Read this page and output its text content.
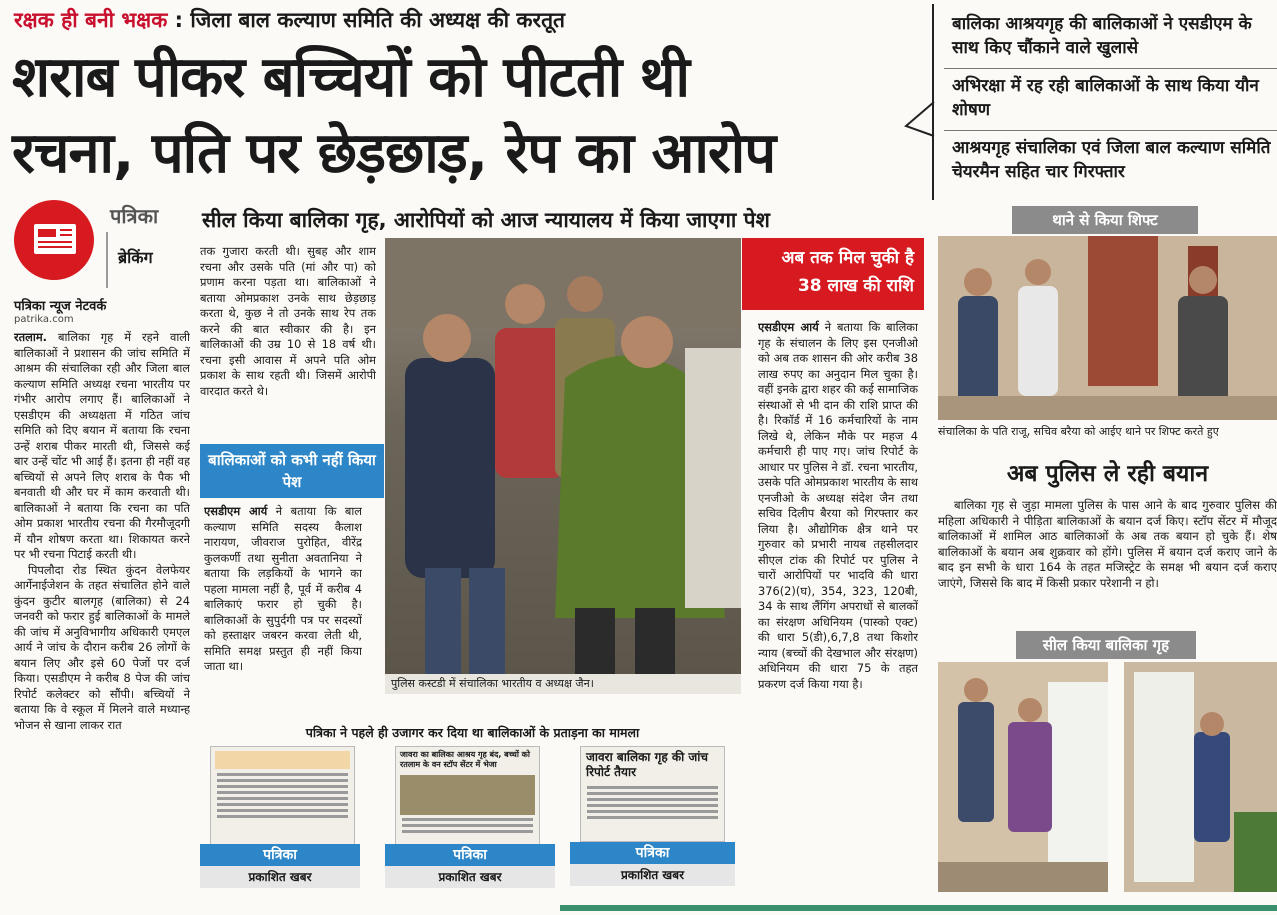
रक्षक ही बनी भक्षक : जिला बाल कल्याण समिति की अध्यक्ष की करतूत
शराब पीकर बच्चियों को पीटती थी
रचना, पति पर छेड़छाड़, रेप का आरोप
बालिका आश्रयगृह की बालिकाओं ने एसडीएम के साथ किए चौंकाने वाले खुलासे
अभिरक्षा में रह रही बालिकाओं के साथ किया यौन शोषण
आश्रयगृह संचालिका एवं जिला बाल कल्याण समिति चेयरमैन सहित चार गिरफ्तार
सील किया बालिका गृह, आरोपियों को आज न्यायालय में किया जाएगा पेश
पत्रिका
ब्रेकिंग
पत्रिका न्यूज नेटवर्क
patrika.com
रतलाम. बालिका गृह में रहने वाली बालिकाओं ने प्रशासन की जांच समिति में आश्रम की संचालिका रही और जिला बाल कल्याण समिति अध्यक्ष रचना भारतीय पर गंभीर आरोप लगाए हैं। बालिकाओं ने एसडीएम की अध्यक्षता में गठित जांच समिति को दिए बयान में बताया कि रचना उन्हें शराब पीकर मारती थी, जिससे कई बार उन्हें चोंट भी आई हैं। इतना ही नहीं वह बच्चियों से अपने लिए शराब के पैक भी बनवाती थी और घर में काम करवाती थी। बालिकाओं ने बताया कि रचना का पति ओम प्रकाश भारतीय रचना की गैरमौजूदगी में यौन शोषण करता था। शिकायत करने पर भी रचना पिटाई करती थी।

पिपलौदा रोड स्थित कुंदन वेलफेयर आर्गेनाईजेशन के तहत संचालित होने वाले कुंदन कुटीर बालगृह (बालिका) से 24 जनवरी को फरार हुई बालिकाओं के मामले की जांच में अनुविभागीय अधिकारी एमएल आर्य ने जांच के दौरान करीब 26 लोगों के बयान लिए और इसे 60 पेजों पर दर्ज किया। एसडीएम ने करीब 8 पेज की जांच रिपोर्ट कलेक्टर को सौंपी। बच्चियों ने बताया कि वे स्कूल में मिलने वाले मध्यान्ह भोजन से खाना लाकर रात

तक गुजारा करती थी। सुबह और शाम रचना और उसके पति (मां और पा) को प्रणाम करना पड़ता था। बालिकाओं ने बताया ओमप्रकाश उनके साथ छेड़छाड़ करता थे, कुछ ने तो उनके साथ रेप तक करने की बात स्वीकार की है। इन बालिकाओं की उम्र 10 से 18 वर्ष थी। रचना इसी आवास में अपने पति ओम प्रकाश के साथ रहती थी। जिसमें आरोपी वारदात करते थे।
बालिकाओं को कभी नहीं किया पेश
एसडीएम आर्य ने बताया कि बाल कल्याण समिति सदस्य कैलाश नारायण, जीवराज पुरोहित, वीरेंद्र कुलकर्णी तथा सुनीता अवतानिया ने बताया कि लड़कियों के भागने का पहला मामला नहीं है, पूर्व में करीब 4 बालिकाएं फरार हो चुकी है। बालिकाओं के सुपुर्दगी पत्र पर सदस्यों को हस्ताक्षर जबरन करवा लेती थी, समिति समक्ष प्रस्तुत ही नहीं किया जाता था।
पुलिस कस्टडी में संचालिका भारतीय व अध्यक्ष जैन।
अब तक मिल चुकी है 38 लाख की राशि
एसडीएम आर्य ने बताया कि बालिका गृह के संचालन के लिए इस एनजीओ को अब तक शासन की ओर करीब 38 लाख रुपए का अनुदान मिल चुका है। वहीं इनके द्वारा शहर की कई सामाजिक संस्थाओं से भी दान की राशि प्राप्त की है। रिकॉर्ड में 16 कर्मचारियों के नाम लिखे थे, लेकिन मौके पर महज 4 कर्मचारी ही पाए गए। जांच रिपोर्ट के आधार पर पुलिस ने डॉ. रचना भारतीय, उसके पति ओमप्रकाश भारतीय के साथ एनजीओ के अध्यक्ष संदेश जैन तथा सचिव दिलीप बैरया को गिरफ्तार कर लिया है। औद्योगिक क्षैत्र थाने पर गुरुवार को प्रभारी नायब तहसीलदार सीएल टांक की रिपोर्ट पर पुलिस ने चारों आरोपियों पर भादवि की धारा 376(2)(घ), 354, 323, 120बी, 34 के साथ लैंगिंग अपराधों से बालकों का संरक्षण अधिनियम (पास्को एक्ट) की धारा 5(डी),6,7,8 तथा किशोर न्याय (बच्चों की देखभाल और संरक्षण) अधिनियम की धारा 75 के तहत प्रकरण दर्ज किया गया है।
पत्रिका ने पहले ही उजागर कर दिया था बालिकाओं के प्रताड़ना का मामला
पत्रिका
प्रकाशित खबर
जावरा का बालिका आश्रय गृह बंद, बच्चों को रतलाम के वन स्टॉप सेंटर में भेजा
पत्रिका
प्रकाशित खबर
जावरा बालिका गृह की जांच रिपोर्ट तैयार
पत्रिका
प्रकाशित खबर
थाने से किया शिफ्ट
संचालिका के पति राजू, सचिव बरैया को आईए थाने पर शिफ्ट करते हुए
अब पुलिस ले रही बयान
बालिका गृह से जुड़ा मामला पुलिस के पास आने के बाद गुरुवार पुलिस की महिला अधिकारी ने पीड़िता बालिकाओं के बयान दर्ज किए। स्टॉप सेंटर में मौजूद बालिकाओं में शामिल आठ बालिकाओं के अब तक बयान हो चुके हैं। शेष बालिकाओं के बयान अब शुक्रवार को होंगे। पुलिस में बयान दर्ज कराए जाने के बाद इन सभी के धारा 164 के तहत मजिस्ट्रेट के समक्ष भी बयान दर्ज कराए जाएंगे, जिससे कि बाद में किसी प्रकार परेशानी न हो।
सील किया बालिका गृह
